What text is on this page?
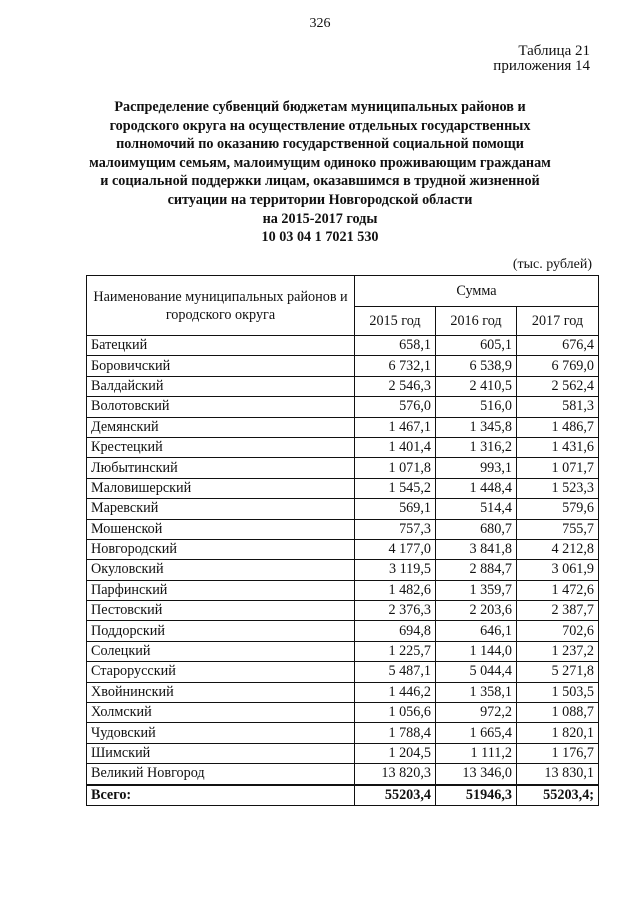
326
Таблица 21
приложения 14
Распределение субвенций бюджетам муниципальных районов и
городского округа на осуществление отдельных государственных
полномочий по оказанию государственной социальной помощи
малоимущим семьям, малоимущим одиноко проживающим гражданам
и социальной поддержки лицам, оказавшимся в трудной жизненной
ситуации на территории Новгородской области
на 2015-2017 годы
10 03 04 1 7021 530
(тыс. рублей)
Наименование муниципальных районов и городского округа	Сумма		
	2015 год	2016 год	2017 год
Батецкий	658,1	605,1	676,4
Боровичский	6 732,1	6 538,9	6 769,0
Валдайский	2 546,3	2 410,5	2 562,4
Волотовский	576,0	516,0	581,3
Демянский	1 467,1	1 345,8	1 486,7
Крестецкий	1 401,4	1 316,2	1 431,6
Любытинский	1 071,8	993,1	1 071,7
Маловишерский	1 545,2	1 448,4	1 523,3
Маревский	569,1	514,4	579,6
Мошенской	757,3	680,7	755,7
Новгородский	4 177,0	3 841,8	4 212,8
Окуловский	3 119,5	2 884,7	3 061,9
Парфинский	1 482,6	1 359,7	1 472,6
Пестовский	2 376,3	2 203,6	2 387,7
Поддорский	694,8	646,1	702,6
Солецкий	1 225,7	1 144,0	1 237,2
Старорусский	5 487,1	5 044,4	5 271,8
Хвойнинский	1 446,2	1 358,1	1 503,5
Холмский	1 056,6	972,2	1 088,7
Чудовский	1 788,4	1 665,4	1 820,1
Шимский	1 204,5	1 111,2	1 176,7
Великий Новгород	13 820,3	13 346,0	13 830,1
Всего:	55203,4	51946,3	55203,4;
